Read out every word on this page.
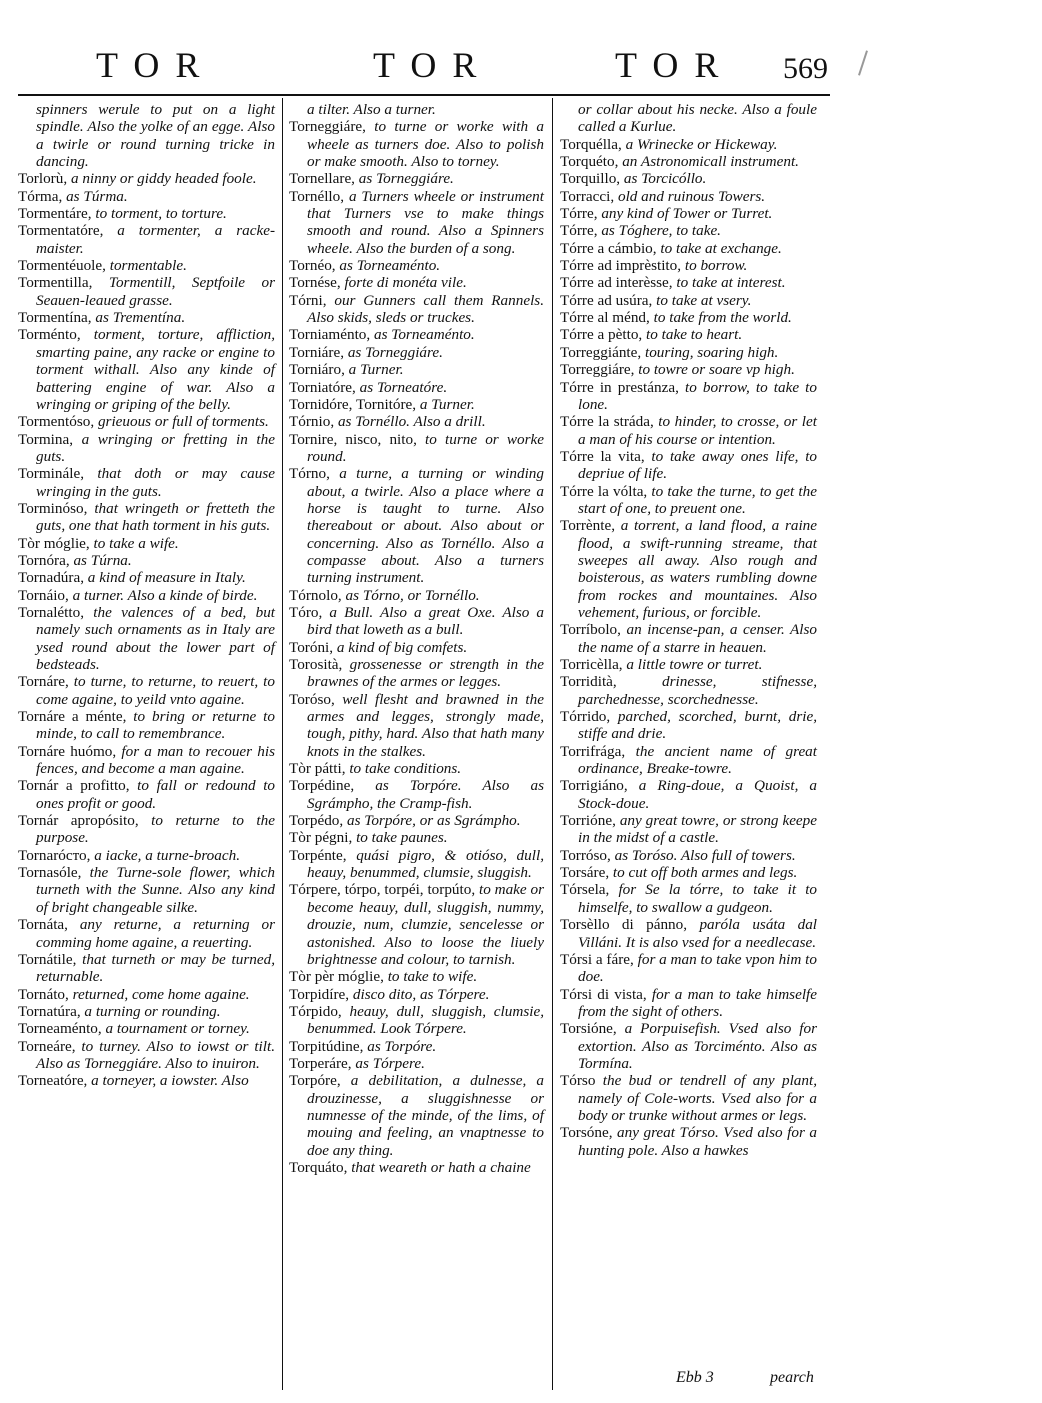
TOR	TOR	TOR 569

spinners werule to put on a light spindle. Also the yolke of an egge. Also a twirle or round turning tricke in dancing.

Torlorù, a ninny or giddy headed foole.

Tórma, as Túrma.

Tormentáre, to torment, to torture.

Tormentatóre, a tormenter, a racke-maister.

Tormentéuole, tormentable.

Tormentilla, Tormentill, Septfoile or Seauen-leaued grasse.

Tormentína, as Trementína.

Torménto, torment, torture, affliction, smarting paine, any racke or engine to torment withall. Also any kinde of battering engine of war. Also a wringing or griping of the belly.

Tormentóso, grieuous or full of torments.

Tormina, a wringing or fretting in the guts.

Torminále, that doth or may cause wringing in the guts.

Torminóso, that wringeth or fretteth the guts, one that hath torment in his guts.

Tòr móglie, to take a wife.

Tornóra, as Túrna.

Tornadúra, a kind of measure in Italy.

Tornáio, a turner. Also a kinde of birde.

Tornalétto, the valences of a bed, but namely such ornaments as in Italy are ysed round about the lower part of bedsteads.

Tornáre, to turne, to returne, to reuert, to come againe, to yeild vnto againe.

Tornáre a ménte, to bring or returne to minde, to call to remembrance.

Tornáre huómo, for a man to recouer his fences, and become a man againe.

Tornár a profitto, to fall or redound to ones profit or good.

Tornár apropósito, to returne to the purpose.

Tornaróсто, a iacke, a turne-broach.

Tornasóle, the Turne-sole flower, which turneth with the Sunne. Also any kind of bright changeable silke.

Tornáta, any returne, a returning or comming home againe, a reuerting.

Tornátile, that turneth or may be turned, returnable.

Tornáto, returned, come home againe.

Tornatúra, a turning or rounding.

Torneaménto, a tournament or torney.

Torneáre, to turney. Also to iowst or tilt. Also as Torneggiáre. Also to inuiron.

Torneatóre, a torneyer, a iowster. Also

a tilter. Also a turner.

Torneggiáre, to turne or worke with a wheele as turners doe. Also to polish or make smooth. Also to torney.

Tornellare, as Torneggiáre.

Tornéllo, a Turners wheele or instrument that Turners vse to make things smooth and round. Also a Spinners wheele. Also the burden of a song.

Tornéo, as Torneaménto.

Tornése, forte di monéta vile.

Tórni, our Gunners call them Rannels. Also skids, sleds or truckes.

Torniaménto, as Torneaménto.

Torniáre, as Torneggiáre.

Torniáro, a Turner.

Torniatóre, as Torneatóre.

Tornidóre, Tornitóre, a Turner.

Tórnio, as Tornéllo. Also a drill.

Tornire, nisco, nito, to turne or worke round.

Tórno, a turne, a turning or winding about, a twirle. Also a place where a horse is taught to turne. Also thereabout or about. Also about or concerning. Also as Tornéllo. Also a compasse about. Also a turners turning instrument.

Tórnolo, as Tórno, or Tornéllo.

Tóro, a Bull. Also a great Oxe. Also a bird that loweth as a bull.

Toróni, a kind of big comfets.

Torosità, grossenesse or strength in the brawnes of the armes or legges.

Toróso, well flesht and brawned in the armes and legges, strongly made, tough, pithy, hard. Also that hath many knots in the stalkes.

Tòr pátti, to take conditions.

Torpédine, as Torpóre. Also as Sgrámpho, the Cramp-fish.

Torpédo, as Torpóre, or as Sgrámpho.

Tòr pégni, to take paunes.

Torpénte, quási pigro, & otióso, dull, heauy, benummed, clumsie, sluggish.

Tórpere, tórpo, torpéi, torpúto, to make or become heauy, dull, sluggish, nummy, drouzie, num, clumzie, sencelesse or astonished. Also to loose the liuely brightnesse and colour, to tarnish.

Tòr pèr móglie, to take to wife.

Torpidíre, disco dito, as Tórpere.

Tórpido, heauy, dull, sluggish, clumsie, benummed. Look Tórpere.

Torpitúdine, as Torpóre.

Torperáre, as Tórpere.

Torpóre, a debilitation, a dulnesse, a drouzinesse, a sluggishnesse or numnesse of the minde, of the lims, of mouing and feeling, an vnaptnesse to doe any thing.

Torquáto, that weareth or hath a chaine

or collar about his necke. Also a foule called a Kurlue.

Torquélla, a Wrinecke or Hickeway.

Torquéto, an Astronomicall instrument.

Torquillo, as Torcicóllo.

Torracci, old and ruinous Towers.

Tórre, any kind of Tower or Turret.

Tórre, as Tóghere, to take.

Tórre a cámbio, to take at exchange.

Tórre ad imprèstito, to borrow.

Tórre ad interèsse, to take at interest.

Tórre ad usúra, to take at vsery.

Tórre al ménd, to take from the world.

Tórre a pètto, to take to heart.

Torreggiánte, touring, soaring high.

Torreggiáre, to towre or soare vp high.

Tórre in prestánza, to borrow, to take to lone.

Tórre la stráda, to hinder, to crosse, or let a man of his course or intention.

Tórre la vita, to take away ones life, to depriue of life.

Tórre la vólta, to take the turne, to get the start of one, to preuent one.

Torrènte, a torrent, a land flood, a raine flood, a swift-running streame, that sweepes all away. Also rough and boisterous, as waters rumbling downe from rockes and mountaines. Also vehement, furious, or forcible.

Torríbolo, an incense-pan, a censer. Also the name of a starre in heauen.

Torricèlla, a little towre or turret.

Torridità,	drinesse, stifnesse, parchednesse, scorchednesse.

Tórrido, parched, scorched, burnt, drie, stiffe and drie.

Torrifrága, the ancient name of great ordinance, Breake-towre.

Torrigiáno, a Ring-doue, a Quoist, a Stock-doue.

Torrióne, any great towre, or strong keepe in the midst of a castle.

Torróso, as Toróso. Also full of towers.

Torsáre, to cut off both armes and legs.

Tórsela, for Se la tórre, to take it to himselfe, to swallow a gudgeon.

Torsèllo di pánno, paróla usáta dal Villáni. It is also vsed for a needlecase.

Tórsi a fáre, for a man to take vpon him to doe.

Tórsi di vista, for a man to take himselfe from the sight of others.

Torsióne, a Porpuisefish. Vsed also for extortion. Also as Torciménto. Also as Tormína.

Tórso the bud or tendrell of any plant, namely of Cole-worts. Vsed also for a body or trunke without armes or legs.

Torsóne, any great Tórso. Vsed also for a hunting pole. Also a hawkes

Ebb 3	pearch
